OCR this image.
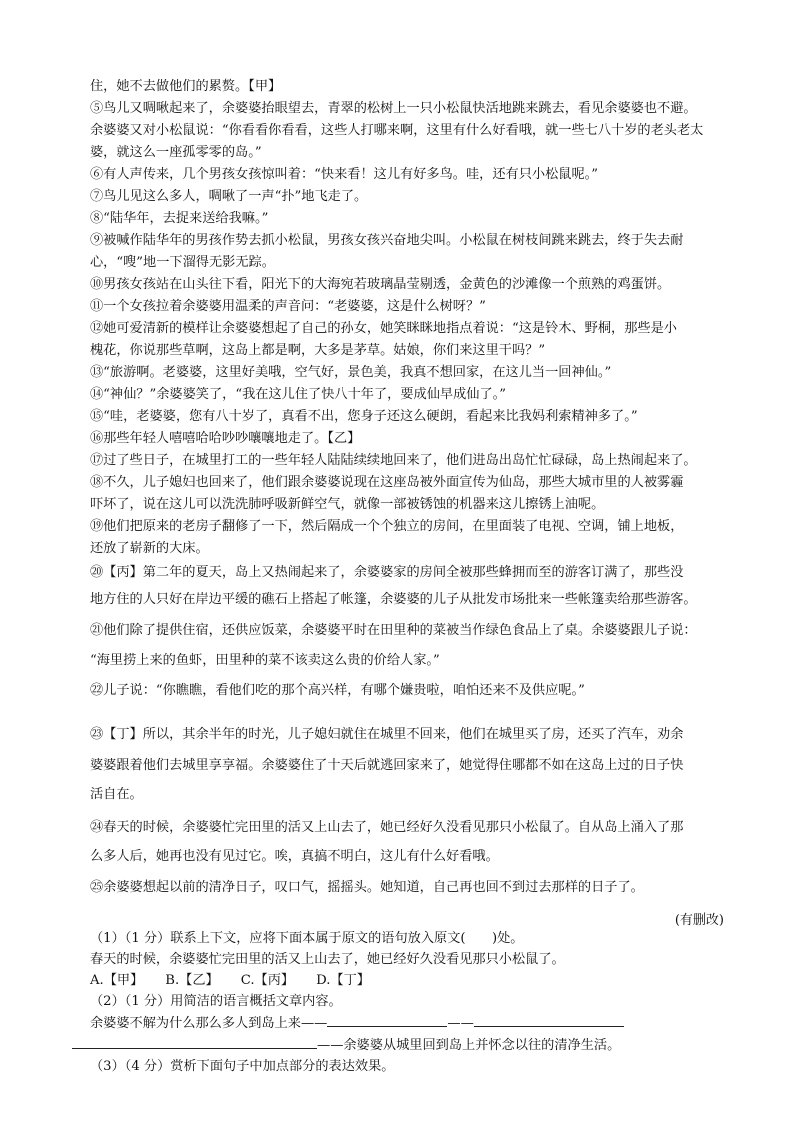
住，她不去做他们的累赘。【甲】
⑤鸟儿又啁啾起来了，余婆婆抬眼望去，青翠的松树上一只小松鼠快活地跳来跳去，看见余婆婆也不避。
余婆婆又对小松鼠说：“你看看你看看，这些人打哪来啊，这里有什么好看哦，就一些七八十岁的老头老太
婆，就这么一座孤零零的岛。”
⑥有人声传来，几个男孩女孩惊叫着：“快来看！这儿有好多鸟。哇，还有只小松鼠呢。”
⑦鸟儿见这么多人，啁啾了一声“扑”地飞走了。
⑧“陆华年，去捉来送给我嘛。”
⑨被喊作陆华年的男孩作势去抓小松鼠，男孩女孩兴奋地尖叫。小松鼠在树枝间跳来跳去，终于失去耐
心，“嗖”地一下溜得无影无踪。
⑩男孩女孩站在山头往下看，阳光下的大海宛若玻璃晶莹剔透，金黄色的沙滩像一个煎熟的鸡蛋饼。
⑪一个女孩拉着余婆婆用温柔的声音问：“老婆婆，这是什么树呀？”
⑫她可爱清新的模样让余婆婆想起了自己的孙女，她笑眯眯地指点着说：“这是铃木、野桐，那些是小
槐花，你说那些草啊，这岛上都是啊，大多是茅草。姑娘，你们来这里干吗？”
⑬“旅游啊。老婆婆，这里好美哦，空气好，景色美，我真不想回家，在这儿当一回神仙。”
⑭“神仙？”余婆婆笑了，“我在这儿住了快八十年了，要成仙早成仙了。”
⑮“哇，老婆婆，您有八十岁了，真看不出，您身子还这么硬朗，看起来比我妈利索精神多了。”
⑯那些年轻人嘻嘻哈哈吵吵嚷嚷地走了。【乙】
⑰过了些日子，在城里打工的一些年轻人陆陆续续地回来了，他们进岛出岛忙忙碌碌，岛上热闹起来了。
⑱不久，儿子媳妇也回来了，他们跟余婆婆说现在这座岛被外面宣传为仙岛，那些大城市里的人被雾霾
吓坏了，说在这儿可以洗洗肺呼吸新鲜空气，就像一部被锈蚀的机器来这儿擦锈上油呢。
⑲他们把原来的老房子翻修了一下，然后隔成一个个独立的房间，在里面装了电视、空调，铺上地板，
还放了崭新的大床。
⑳【丙】第二年的夏天，岛上又热闹起来了，余婆婆家的房间全被那些蜂拥而至的游客订满了，那些没
地方住的人只好在岸边平缓的礁石上搭起了帐篷，余婆婆的儿子从批发市场批来一些帐篷卖给那些游客。
㉑他们除了提供住宿，还供应饭菜，余婆婆平时在田里种的菜被当作绿色食品上了桌。余婆婆跟儿子说：
“海里捞上来的鱼虾，田里种的菜不该卖这么贵的价给人家。”
㉒儿子说：“你瞧瞧，看他们吃的那个高兴样，有哪个嫌贵啦，咱怕还来不及供应呢。”
㉓【丁】所以，其余半年的时光，儿子媳妇就住在城里不回来，他们在城里买了房，还买了汽车，劝余
婆婆跟着他们去城里享享福。余婆婆住了十天后就逃回家来了，她觉得住哪都不如在这岛上过的日子快
活自在。
㉔春天的时候，余婆婆忙完田里的活又上山去了，她已经好久没看见那只小松鼠了。自从岛上涌入了那
么多人后，她再也没有见过它。唉，真搞不明白，这儿有什么好看哦。
㉕余婆婆想起以前的清净日子，叹口气，摇摇头。她知道，自己再也回不到过去那样的日子了。
(有删改)
（1）（1 分）联系上下文，应将下面本属于原文的语句放入原文(　　)处。
春天的时候，余婆婆忙完田里的活又上山去了，她已经好久没看见那只小松鼠了。
A.【甲】 B.【乙】 C.【丙】 D.【丁】
（2）（1 分）用简洁的语言概括文章内容。
余婆婆不解为什么那么多人到岛上来——	——
——余婆婆从城里回到岛上并怀念以往的清净生活。
（3）（4 分）赏析下面句子中加点部分的表达效果。
